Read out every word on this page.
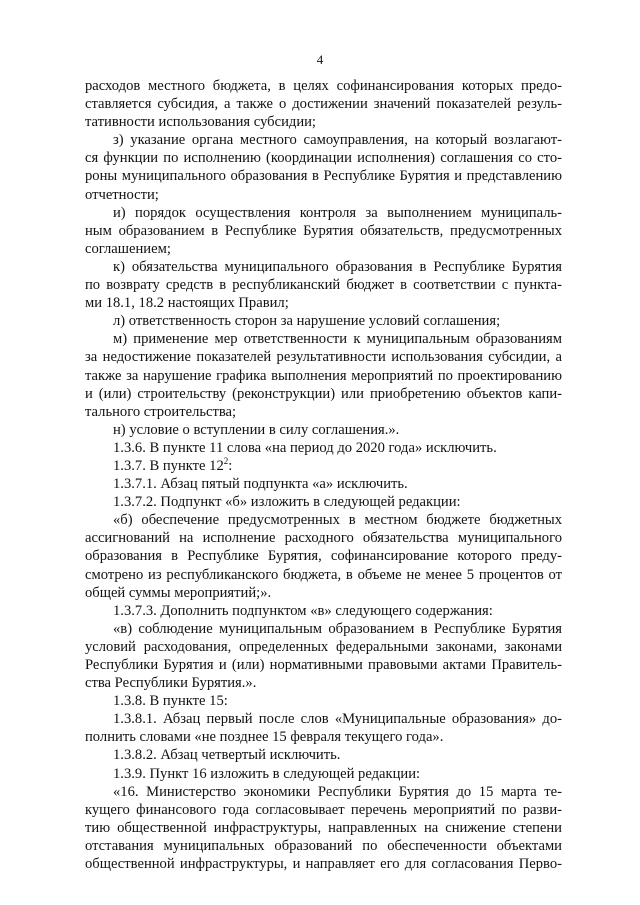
4
расходов местного бюджета, в целях софинансирования которых предо-
ставляется субсидия, а также о достижении значений показателей резуль-
тативности использования субсидии;
з) указание органа местного самоуправления, на который возлагают-
ся функции по исполнению (координации исполнения) соглашения со сто-
роны муниципального образования в Республике Бурятия и представлению
отчетности;
и) порядок осуществления контроля за выполнением муниципаль-
ным образованием в Республике Бурятия обязательств, предусмотренных
соглашением;
к) обязательства муниципального образования в Республике Бурятия
по возврату средств в республиканский бюджет в соответствии с пункта-
ми 18.1, 18.2 настоящих Правил;
л) ответственность сторон за нарушение условий соглашения;
м) применение мер ответственности к муниципальным образованиям
за недостижение показателей результативности использования субсидии, а
также за нарушение графика выполнения мероприятий по проектированию
и (или) строительству (реконструкции) или приобретению объектов капи-
тального строительства;
н) условие о вступлении в силу соглашения.».
1.3.6. В пункте 11 слова «на период до 2020 года» исключить.
1.3.7. В пункте $12^2$:
1.3.7.1. Абзац пятый подпункта «а» исключить.
1.3.7.2. Подпункт «б» изложить в следующей редакции:
«б) обеспечение предусмотренных в местном бюджете бюджетных
ассигнований на исполнение расходного обязательства муниципального
образования в Республике Бурятия, софинансирование которого преду-
смотрено из республиканского бюджета, в объеме не менее 5 процентов от
общей суммы мероприятий;».
1.3.7.3. Дополнить подпунктом «в» следующего содержания:
«в) соблюдение муниципальным образованием в Республике Бурятия
условий расходования, определенных федеральными законами, законами
Республики Бурятия и (или) нормативными правовыми актами Правитель-
ства Республики Бурятия.».
1.3.8. В пункте 15:
1.3.8.1. Абзац первый после слов «Муниципальные образования» до-
полнить словами «не позднее 15 февраля текущего года».
1.3.8.2. Абзац четвертый исключить.
1.3.9. Пункт 16 изложить в следующей редакции:
«16. Министерство экономики Республики Бурятия до 15 марта те-
кущего финансового года согласовывает перечень мероприятий по разви-
тию общественной инфраструктуры, направленных на снижение степени
отставания муниципальных образований по обеспеченности объектами
общественной инфраструктуры, и направляет его для согласования Перво-
